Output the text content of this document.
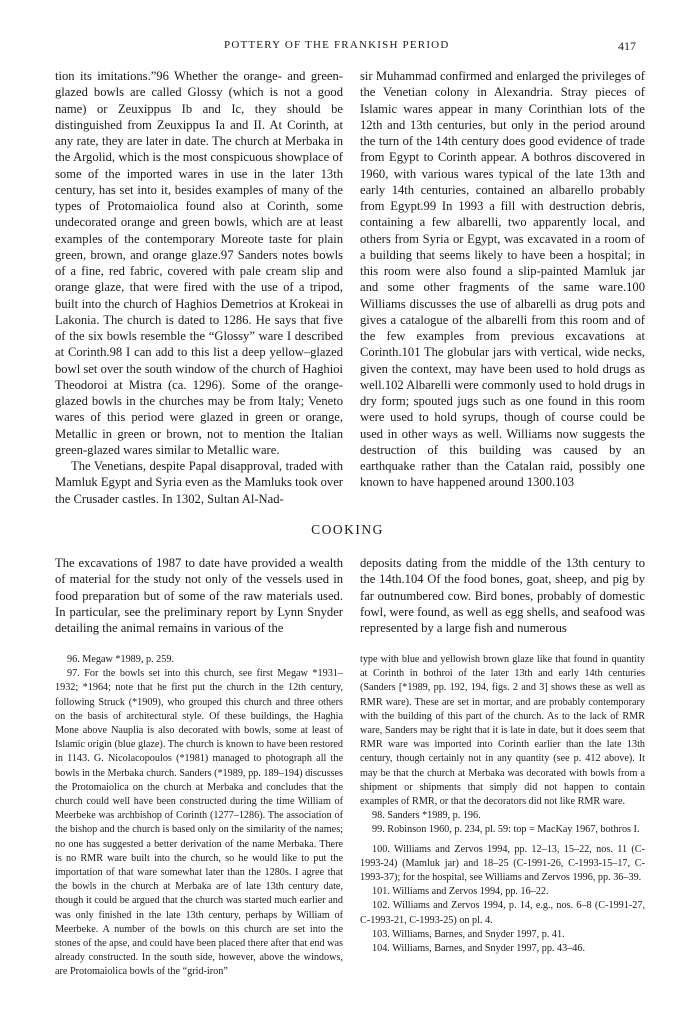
POTTERY OF THE FRANKISH PERIOD	417

tion its imitations.”96 Whether the orange- and green-glazed bowls are called Glossy (which is not a good name) or Zeuxippus Ib and Ic, they should be distinguished from Zeuxippus Ia and II. At Corinth, at any rate, they are later in date. The church at Merbaka in the Argolid, which is the most conspicuous showplace of some of the imported wares in use in the later 13th century, has set into it, besides examples of many of the types of Protomaiolica found also at Corinth, some undecorated orange and green bowls, which are at least examples of the contemporary Moreote taste for plain green, brown, and orange glaze.97 Sanders notes bowls of a fine, red fabric, covered with pale cream slip and orange glaze, that were fired with the use of a tripod, built into the church of Haghios Demetrios at Krokeai in Lakonia. The church is dated to 1286. He says that five of the six bowls resemble the “Glossy” ware I described at Corinth.98 I can add to this list a deep yellow–glazed bowl set over the south window of the church of Haghioi Theodoroi at Mistra (ca. 1296). Some of the orange-glazed bowls in the churches may be from Italy; Veneto wares of this period were glazed in green or orange, Metallic in green or brown, not to mention the Italian green-glazed wares similar to Metallic ware.

The Venetians, despite Papal disapproval, traded with Mamluk Egypt and Syria even as the Mamluks took over the Crusader castles. In 1302, Sultan Al-Nad-

sir Muhammad confirmed and enlarged the privileges of the Venetian colony in Alexandria. Stray pieces of Islamic wares appear in many Corinthian lots of the 12th and 13th centuries, but only in the period around the turn of the 14th century does good evidence of trade from Egypt to Corinth appear. A bothros discovered in 1960, with various wares typical of the late 13th and early 14th centuries, contained an albarello probably from Egypt.99 In 1993 a fill with destruction debris, containing a few albarelli, two apparently local, and others from Syria or Egypt, was excavated in a room of a building that seems likely to have been a hospital; in this room were also found a slip-painted Mamluk jar and some other fragments of the same ware.100 Williams discusses the use of albarelli as drug pots and gives a catalogue of the albarelli from this room and of the few examples from previous excavations at Corinth.101 The globular jars with vertical, wide necks, given the context, may have been used to hold drugs as well.102 Albarelli were commonly used to hold drugs in dry form; spouted jugs such as one found in this room were used to hold syrups, though of course could be used in other ways as well. Williams now suggests the destruction of this building was caused by an earthquake rather than the Catalan raid, possibly one known to have happened around 1300.103

COOKING

The excavations of 1987 to date have provided a wealth of material for the study not only of the vessels used in food preparation but of some of the raw materials used. In particular, see the preliminary report by Lynn Snyder detailing the animal remains in various of the

deposits dating from the middle of the 13th century to the 14th.104 Of the food bones, goat, sheep, and pig by far outnumbered cow. Bird bones, probably of domestic fowl, were found, as well as egg shells, and seafood was represented by a large fish and numerous

96. Megaw *1989, p. 259.

97. For the bowls set into this church, see first Megaw *1931–1932; *1964; note that he first put the church in the 12th century, following Struck (*1909), who grouped this church and three others on the basis of architectural style. Of these buildings, the Haghia Mone above Nauplia is also decorated with bowls, some at least of Islamic origin (blue glaze). The church is known to have been restored in 1143. G. Nicolacopoulos (*1981) managed to photograph all the bowls in the Merbaka church. Sanders (*1989, pp. 189–194) discusses the Protomaiolica on the church at Merbaka and concludes that the church could well have been constructed during the time William of Meerbeke was archbishop of Corinth (1277–1286). The association of the bishop and the church is based only on the similarity of the names; no one has suggested a better derivation of the name Merbaka. There is no RMR ware built into the church, so he would like to put the importation of that ware somewhat later than the 1280s. I agree that the bowls in the church at Merbaka are of late 13th century date, though it could be argued that the church was started much earlier and was only finished in the late 13th century, perhaps by William of Meerbeke. A number of the bowls on this church are set into the stones of the apse, and could have been placed there after that end was already constructed. In the south side, however, above the windows, are Protomaiolica bowls of the “grid-iron”

type with blue and yellowish brown glaze like that found in quantity at Corinth in bothroi of the later 13th and early 14th centuries (Sanders [*1989, pp. 192, 194, figs. 2 and 3] shows these as well as RMR ware). These are set in mortar, and are probably contemporary with the building of this part of the church. As to the lack of RMR ware, Sanders may be right that it is late in date, but it does seem that RMR ware was imported into Corinth earlier than the late 13th century, though certainly not in any quantity (see p. 412 above). It may be that the church at Merbaka was decorated with bowls from a shipment or shipments that simply did not happen to contain examples of RMR, or that the decorators did not like RMR ware.

98. Sanders *1989, p. 196.

99. Robinson 1960, p. 234, pl. 59: top = MacKay 1967, bothros I.

100. Williams and Zervos 1994, pp. 12–13, 15–22, nos. 11 (C-1993-24) (Mamluk jar) and 18–25 (C-1991-26, C-1993-15–17, C-1993-37); for the hospital, see Williams and Zervos 1996, pp. 36–39.

101. Williams and Zervos 1994, pp. 16–22.

102. Williams and Zervos 1994, p. 14, e.g., nos. 6–8 (C-1991-27, C-1993-21, C-1993-25) on pl. 4.

103. Williams, Barnes, and Snyder 1997, p. 41.

104. Williams, Barnes, and Snyder 1997, pp. 43–46.
